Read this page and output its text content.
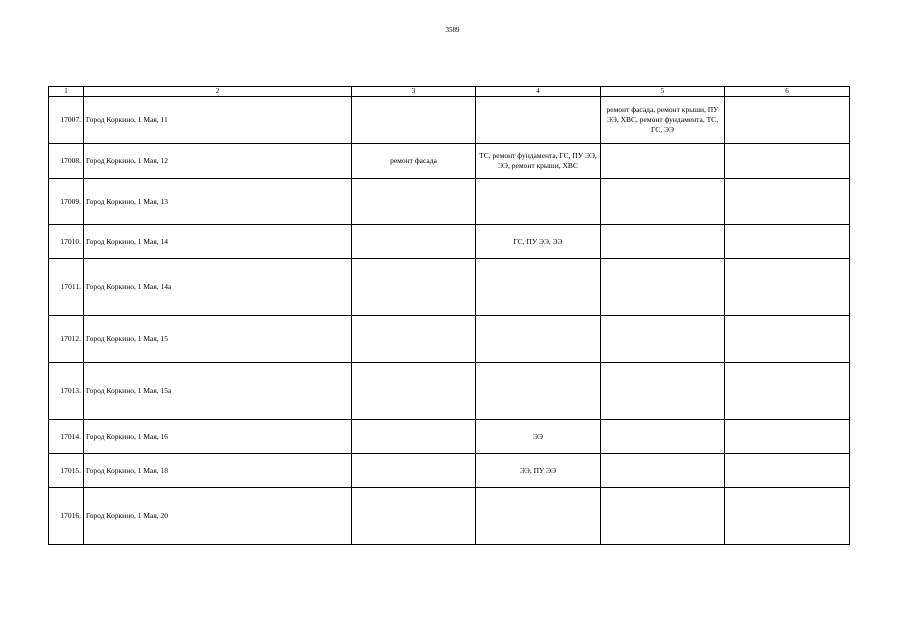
3589
1	2	3	4	5	6
17007.	Город Коркино, 1 Мая, 11			ремонт фасада, ремонт крыши, ПУ ЭЭ, ХВС, ремонт фундамента, ТС, ГС, ЭЭ	
17008.	Город Коркино, 1 Мая, 12	ремонт фасада	ТС, ремонт фундамента, ГС, ПУ ЭЭ, ЭЭ, ремонт крыши, ХВС		
17009.	Город Коркино, 1 Мая, 13				
17010.	Город Коркино, 1 Мая, 14		ГС, ПУ ЭЭ, ЭЭ		
17011.	Город Коркино, 1 Мая, 14а				
17012.	Город Коркино, 1 Мая, 15				
17013.	Город Коркино, 1 Мая, 15а				
17014.	Город Коркино, 1 Мая, 16		ЭЭ		
17015.	Город Коркино, 1 Мая, 18		ЭЭ, ПУ ЭЭ		
17016.	Город Коркино, 1 Мая, 20				
